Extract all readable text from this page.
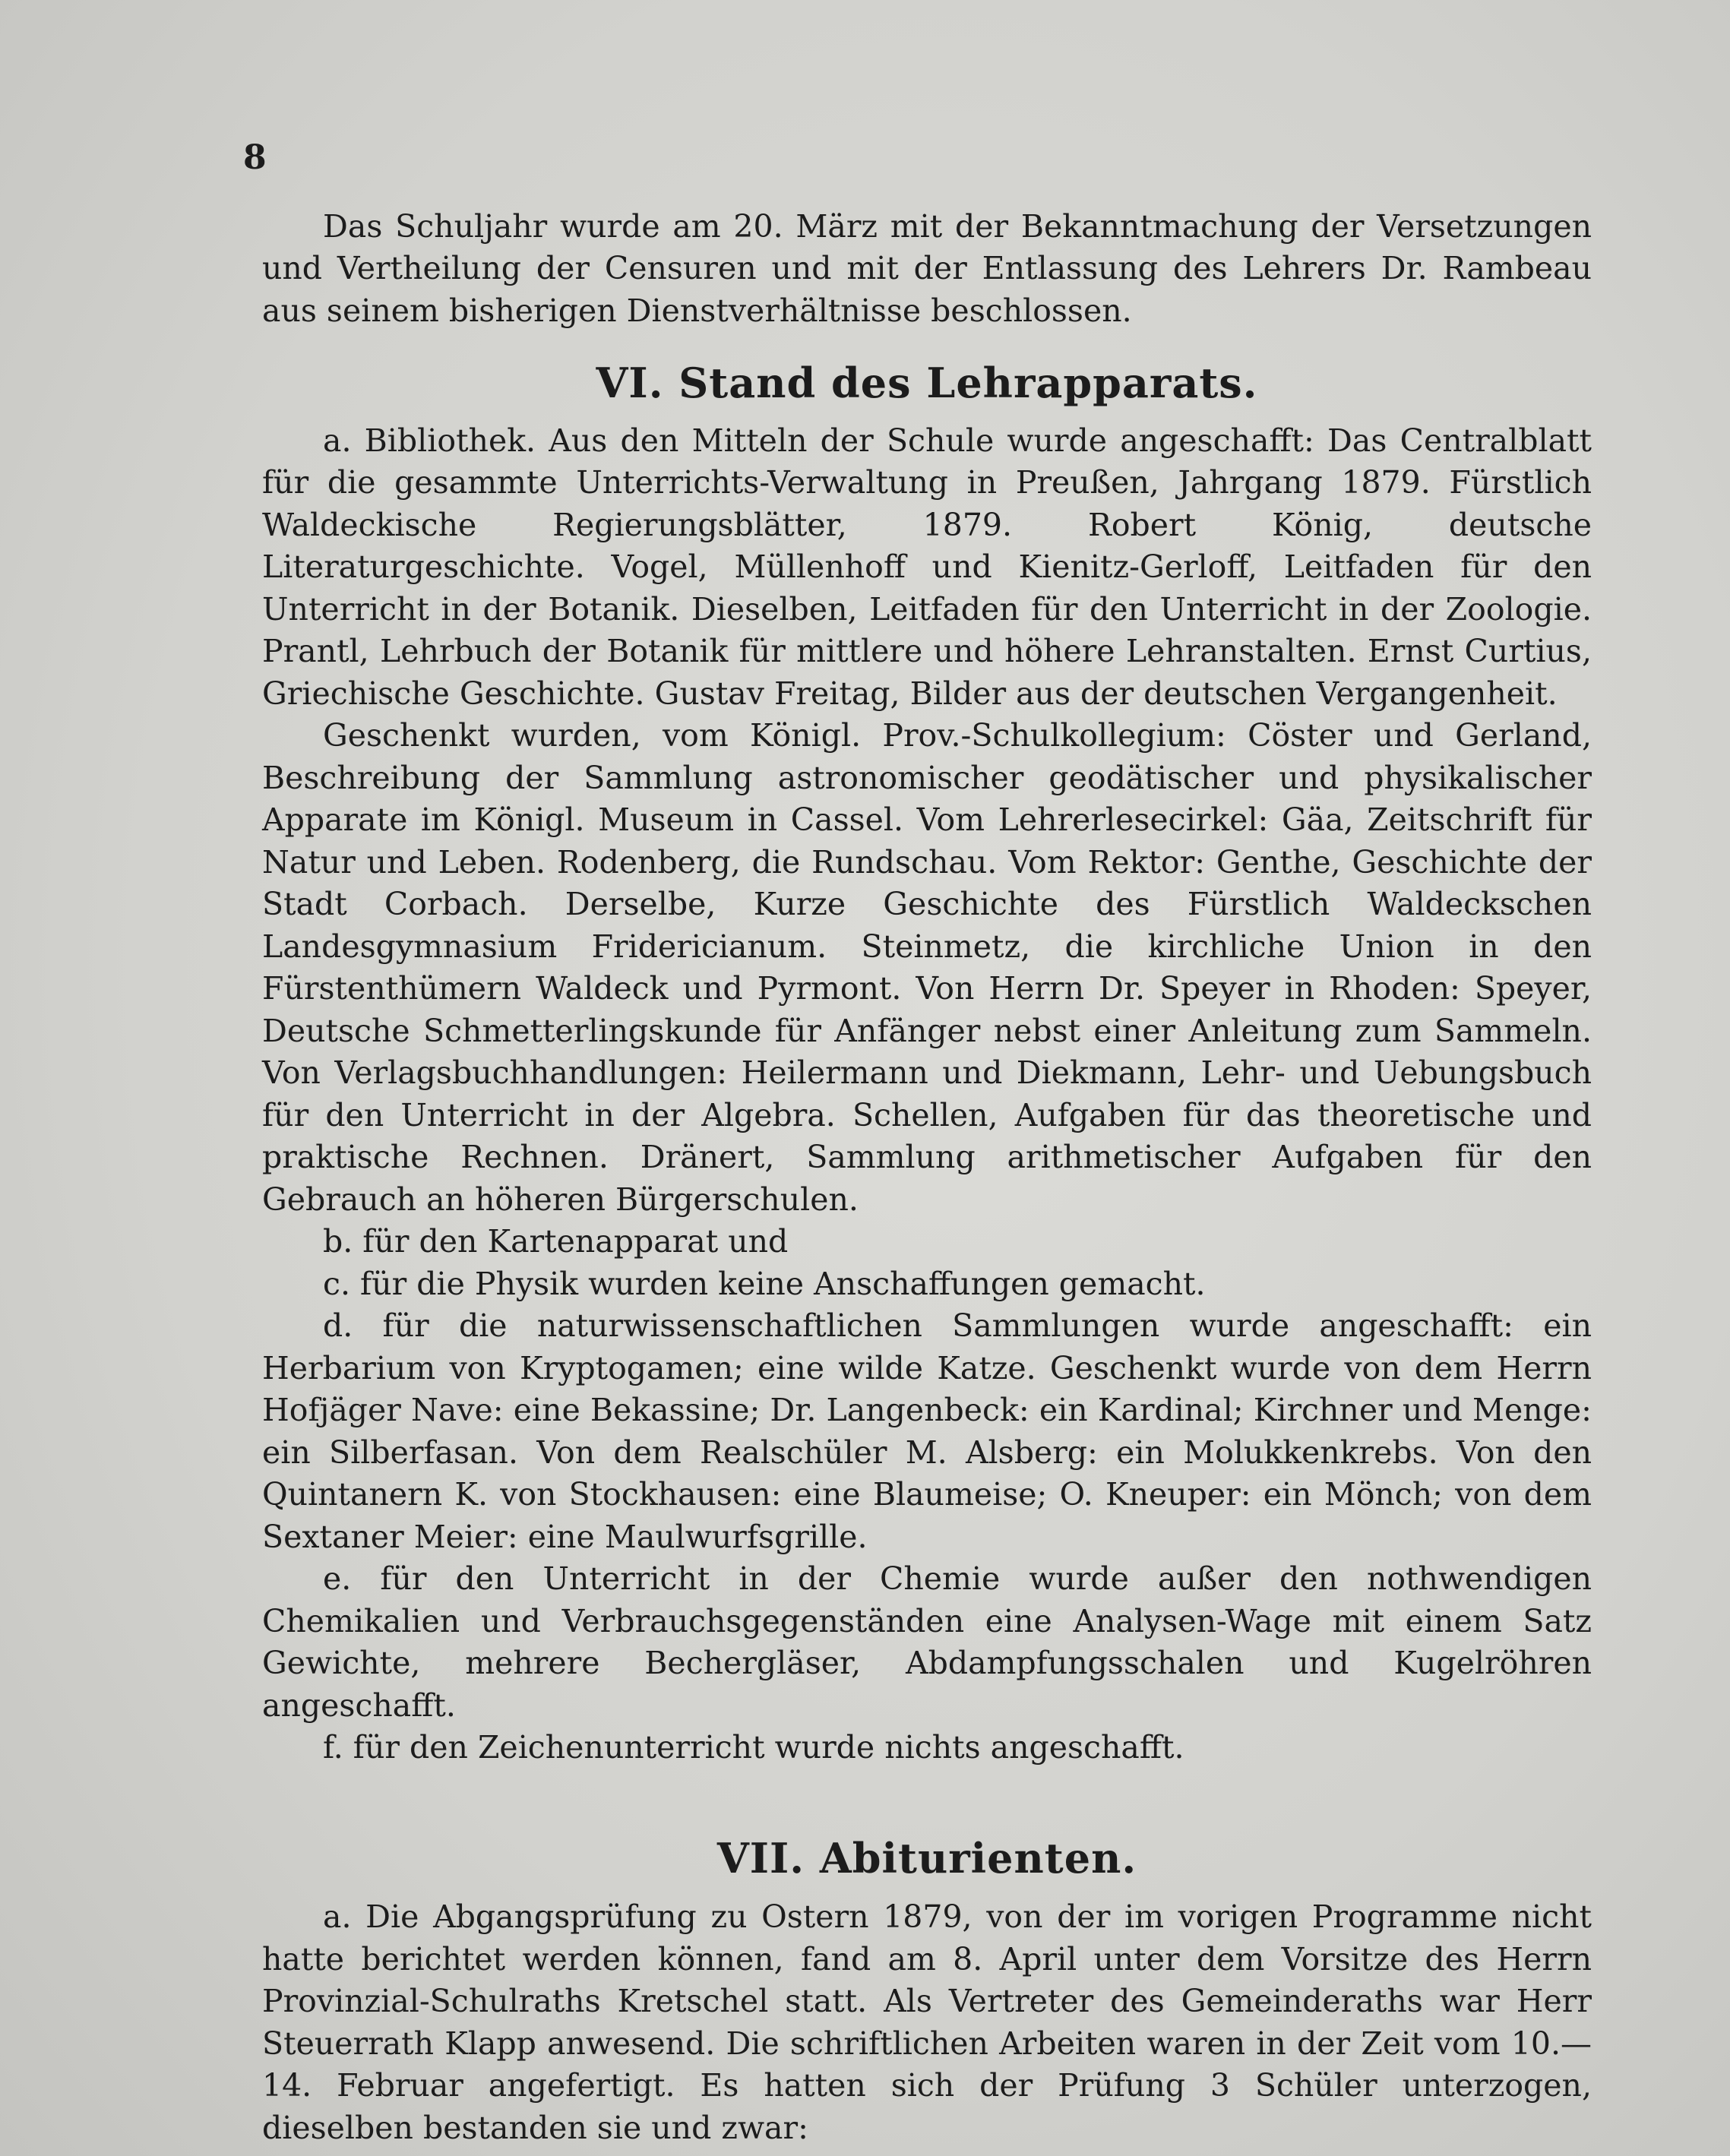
8

Das Schuljahr wurde am 20. März mit der Bekanntmachung der Versetzungen und Vertheilung der Censuren und mit der Entlassung des Lehrers Dr. Rambeau aus seinem bisherigen Dienstverhältnisse beschlossen.

VI. Stand des Lehrapparats.

a. Bibliothek. Aus den Mitteln der Schule wurde angeschafft: Das Centralblatt für die gesammte Unterrichts-Verwaltung in Preußen, Jahrgang 1879. Fürstlich Waldeckische Regierungsblätter, 1879. Robert König, deutsche Literaturgeschichte. Vogel, Müllenhoff und Kienitz-Gerloff, Leitfaden für den Unterricht in der Botanik. Dieselben, Leitfaden für den Unterricht in der Zoologie. Prantl, Lehrbuch der Botanik für mittlere und höhere Lehranstalten. Ernst Curtius, Griechische Geschichte. Gustav Freitag, Bilder aus der deutschen Vergangenheit.

Geschenkt wurden, vom Königl. Prov.-Schulkollegium: Cöster und Gerland, Beschreibung der Sammlung astronomischer geodätischer und physikalischer Apparate im Königl. Museum in Cassel. Vom Lehrerlesecirkel: Gäa, Zeitschrift für Natur und Leben. Rodenberg, die Rundschau. Vom Rektor: Genthe, Geschichte der Stadt Corbach. Derselbe, Kurze Geschichte des Fürstlich Waldeckschen Landesgymnasium Fridericianum. Steinmetz, die kirchliche Union in den Fürstenthümern Waldeck und Pyrmont. Von Herrn Dr. Speyer in Rhoden: Speyer, Deutsche Schmetterlingskunde für Anfänger nebst einer Anleitung zum Sammeln. Von Verlagsbuchhandlungen: Heilermann und Diekmann, Lehr- und Uebungsbuch für den Unterricht in der Algebra. Schellen, Aufgaben für das theoretische und praktische Rechnen. Dränert, Sammlung arithmetischer Aufgaben für den Gebrauch an höheren Bürgerschulen.

b. für den Kartenapparat und

c. für die Physik wurden keine Anschaffungen gemacht.

d. für die naturwissenschaftlichen Sammlungen wurde angeschafft: ein Herbarium von Kryptogamen; eine wilde Katze. Geschenkt wurde von dem Herrn Hofjäger Nave: eine Bekassine; Dr. Langenbeck: ein Kardinal; Kirchner und Menge: ein Silberfasan. Von dem Realschüler M. Alsberg: ein Molukkenkrebs. Von den Quintanern K. von Stockhausen: eine Blaumeise; O. Kneuper: ein Mönch; von dem Sextaner Meier: eine Maulwurfsgrille.

e. für den Unterricht in der Chemie wurde außer den nothwendigen Chemikalien und Verbrauchsgegenständen eine Analysen-Wage mit einem Satz Gewichte, mehrere Bechergläser, Abdampfungsschalen und Kugelröhren angeschafft.

f. für den Zeichenunterricht wurde nichts angeschafft.

VII. Abiturienten.

a. Die Abgangsprüfung zu Ostern 1879, von der im vorigen Programme nicht hatte berichtet werden können, fand am 8. April unter dem Vorsitze des Herrn Provinzial-Schulraths Kretschel statt. Als Vertreter des Gemeinderaths war Herr Steuerrath Klapp anwesend. Die schriftlichen Arbeiten waren in der Zeit vom 10.—14. Februar angefertigt. Es hatten sich der Prüfung 3 Schüler unterzogen, dieselben bestanden sie und zwar:
